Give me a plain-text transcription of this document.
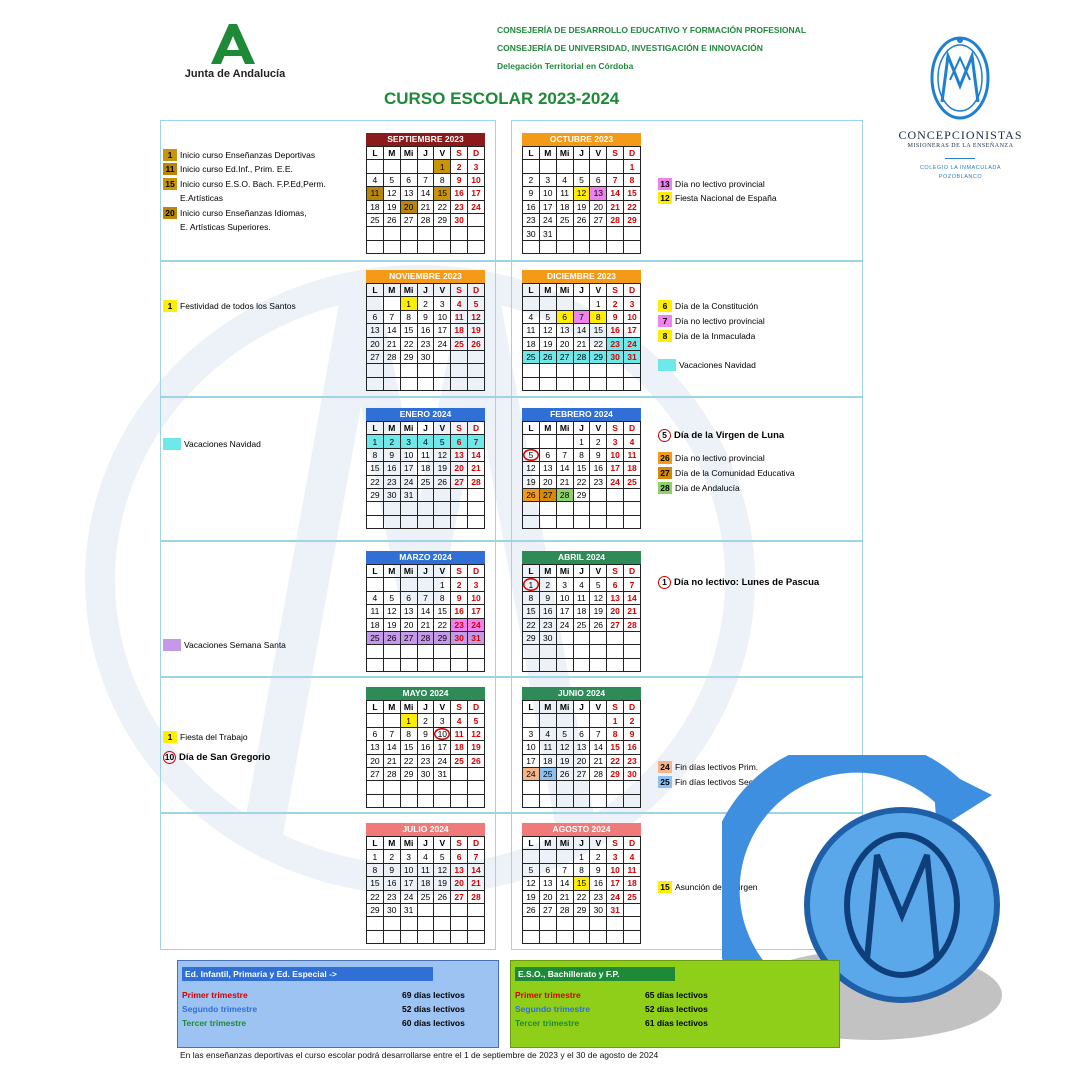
Junta de Andalucía
CONSEJERÍA DE DESARROLLO EDUCATIVO Y FORMACIÓN PROFESIONAL
CONSEJERÍA DE UNIVERSIDAD, INVESTIGACIÓN E INNOVACIÓN
Delegación Territorial en Córdoba
CURSO ESCOLAR 2023-2024
CONCEPCIONISTAS
MISIONERAS DE LA ENSEÑANZA
COLEGIO LA INMACULADA
POZOBLANCO
SEPTIEMBRE 2023
L	M	Mi	J	V	S	D
				1	2	3
4	5	6	7	8	9	10
11	12	13	14	15	16	17
18	19	20	21	22	23	24
25	26	27	28	29	30	

OCTUBRE 2023
L	M	Mi	J	V	S	D
						1
2	3	4	5	6	7	8
9	10	11	12	13	14	15
16	17	18	19	20	21	22
23	24	25	26	27	28	29
30	31					

NOVIEMBRE 2023
L	M	Mi	J	V	S	D
		1	2	3	4	5
6	7	8	9	10	11	12
13	14	15	16	17	18	19
20	21	22	23	24	25	26
27	28	29	30			

DICIEMBRE 2023
L	M	Mi	J	V	S	D
				1	2	3
4	5	6	7	8	9	10
11	12	13	14	15	16	17
18	19	20	21	22	23	24
25	26	27	28	29	30	31

ENERO 2024
L	M	Mi	J	V	S	D
1	2	3	4	5	6	7
8	9	10	11	12	13	14
15	16	17	18	19	20	21
22	23	24	25	26	27	28
29	30	31				

FEBRERO 2024
L	M	Mi	J	V	S	D
			1	2	3	4
5	6	7	8	9	10	11
12	13	14	15	16	17	18
19	20	21	22	23	24	25
26	27	28	29			

MARZO 2024
L	M	Mi	J	V	S	D
				1	2	3
4	5	6	7	8	9	10
11	12	13	14	15	16	17
18	19	20	21	22	23	24
25	26	27	28	29	30	31

ABRIL 2024
L	M	Mi	J	V	S	D
1	2	3	4	5	6	7
8	9	10	11	12	13	14
15	16	17	18	19	20	21
22	23	24	25	26	27	28
29	30					

MAYO 2024
L	M	Mi	J	V	S	D
		1	2	3	4	5
6	7	8	9	10	11	12
13	14	15	16	17	18	19
20	21	22	23	24	25	26
27	28	29	30	31		

JUNIO 2024
L	M	Mi	J	V	S	D
					1	2
3	4	5	6	7	8	9
10	11	12	13	14	15	16
17	18	19	20	21	22	23
24	25	26	27	28	29	30

JULIO 2024
L	M	Mi	J	V	S	D
1	2	3	4	5	6	7
8	9	10	11	12	13	14
15	16	17	18	19	20	21
22	23	24	25	26	27	28
29	30	31				

AGOSTO 2024
L	M	Mi	J	V	S	D
			1	2	3	4
5	6	7	8	9	10	11
12	13	14	15	16	17	18
19	20	21	22	23	24	25
26	27	28	29	30	31	

1 Inicio curso Enseñanzas Deportivas
11 Inicio curso Ed.Inf., Prim. E.E.
15 Inicio curso E.S.O. Bach. F.P.Ed,Perm.
E.Artísticas
20 Inicio curso Enseñanzas Idiomas,
E. Artísticas Superiores.
13 Día no lectivo provincial
12 Fiesta Nacional de España
1 Festividad de todos los Santos	6 Día de la Constitución
7 Día no lectivo provincial
8 Día de la Inmaculada
Vacaciones Navidad
Vacaciones Navidad
5 Día de la Virgen de Luna
26 Día no lectivo provincial
27 Día de la Comunidad Educativa
28 Día de Andalucía
1 Día no lectivo: Lunes de Pascua
Vacaciones Semana Santa
1 Fiesta del Trabajo
10 Día de San Gregorio
24 Fin días lectivos Prim.
25 Fin días lectivos Sec.
15 Asunción de la Virgen
Ed. Infantil, Primaria y Ed. Especial ->
Primer trimestre	69 días lectivos
Segundo trimestre	52 días lectivos
Tercer trimestre	60 días lectivos
E.S.O., Bachillerato y F.P.
Primer trimestre	65 días lectivos
Segundo trimestre	52 días lectivos
Tercer trimestre	61 días lectivos
En las enseñanzas deportivas el curso escolar podrá desarrollarse entre el 1 de septiembre de 2023 y el 30 de agosto de 2024
